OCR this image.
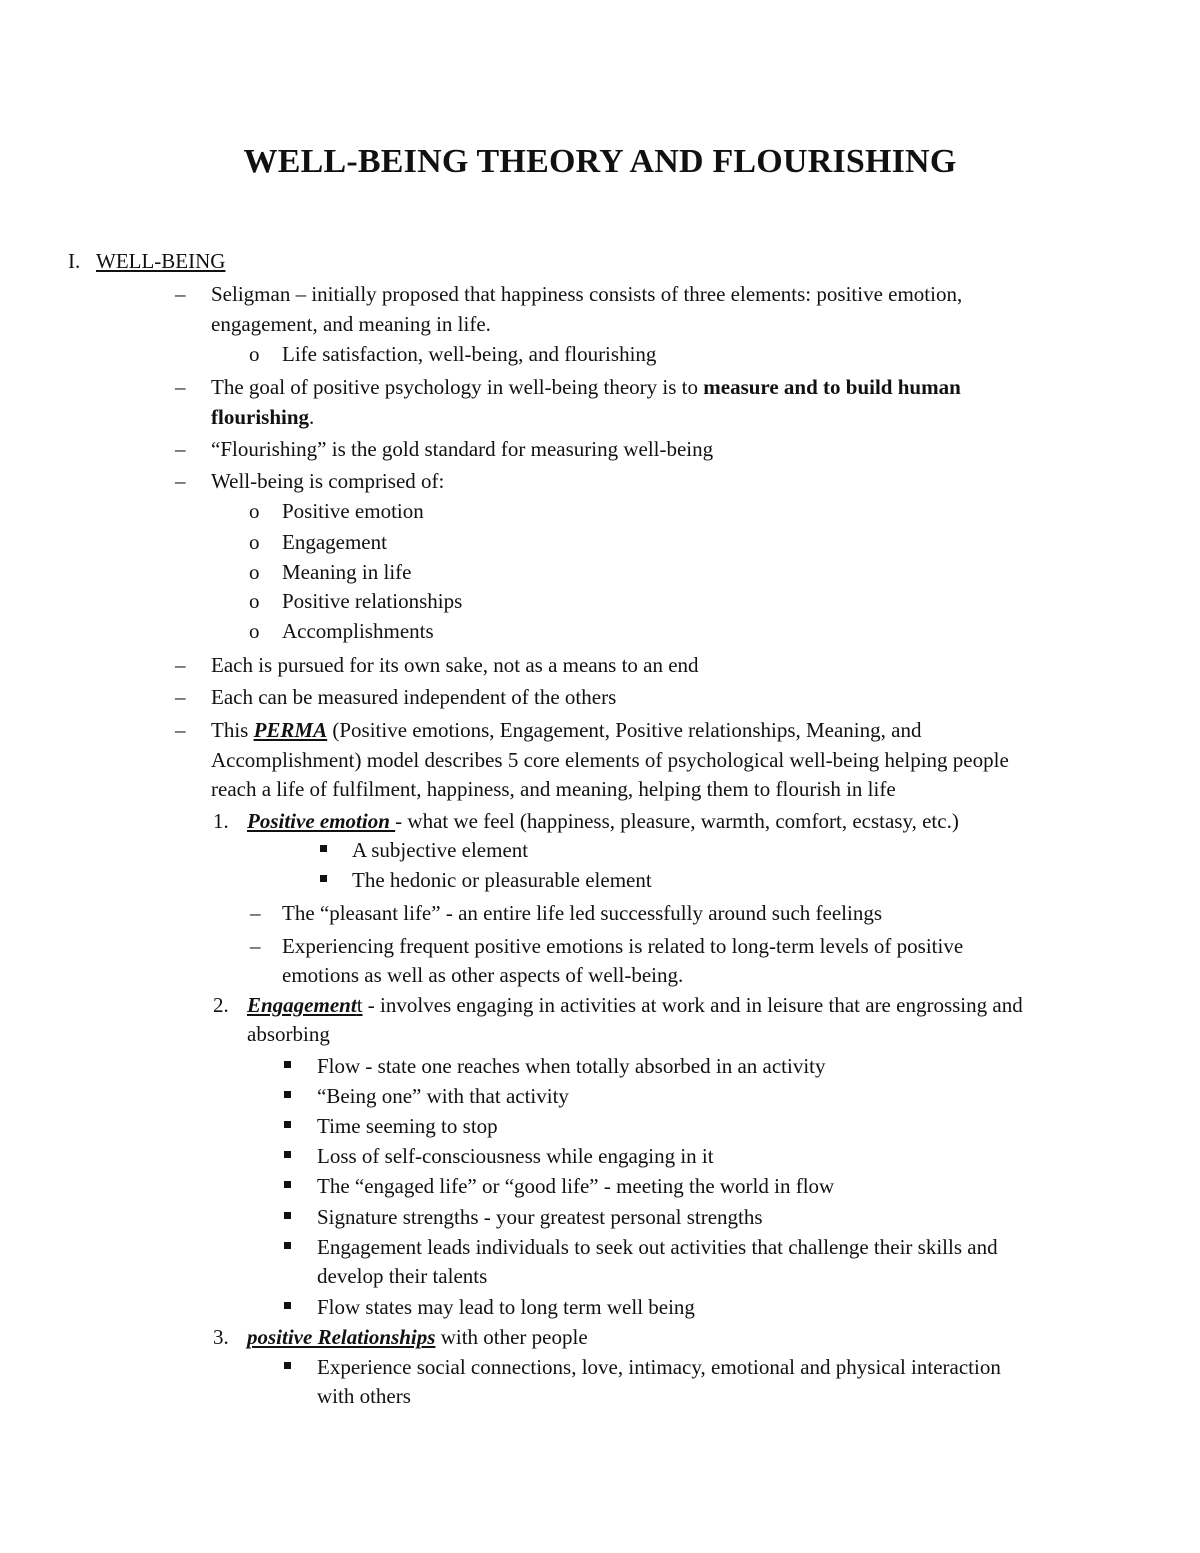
WELL-BEING THEORY AND FLOURISHING
I. WELL-BEING
– Seligman – initially proposed that happiness consists of three elements: positive emotion,
engagement, and meaning in life.
o Life satisfaction, well-being, and flourishing
– The goal of positive psychology in well-being theory is to measure and to build human
flourishing.
– “Flourishing” is the gold standard for measuring well-being
– Well-being is comprised of:
o Positive emotion
o Engagement
o Meaning in life
o Positive relationships
o Accomplishments
– Each is pursued for its own sake, not as a means to an end
– Each can be measured independent of the others
– This PERMA (Positive emotions, Engagement, Positive relationships, Meaning, and
Accomplishment) model describes 5 core elements of psychological well-being helping people
reach a life of fulfilment, happiness, and meaning, helping them to flourish in life
1. Positive emotion - what we feel (happiness, pleasure, warmth, comfort, ecstasy, etc.)
A subjective element
The hedonic or pleasurable element
– The “pleasant life” - an entire life led successfully around such feelings
– Experiencing frequent positive emotions is related to long-term levels of positive
emotions as well as other aspects of well-being.
2. Engagementt - involves engaging in activities at work and in leisure that are engrossing and
absorbing
Flow - state one reaches when totally absorbed in an activity
“Being one” with that activity
Time seeming to stop
Loss of self-consciousness while engaging in it
The “engaged life” or “good life” - meeting the world in flow
Signature strengths - your greatest personal strengths
Engagement leads individuals to seek out activities that challenge their skills and
develop their talents
Flow states may lead to long term well being
3. positive Relationships with other people
Experience social connections, love, intimacy, emotional and physical interaction
with others
